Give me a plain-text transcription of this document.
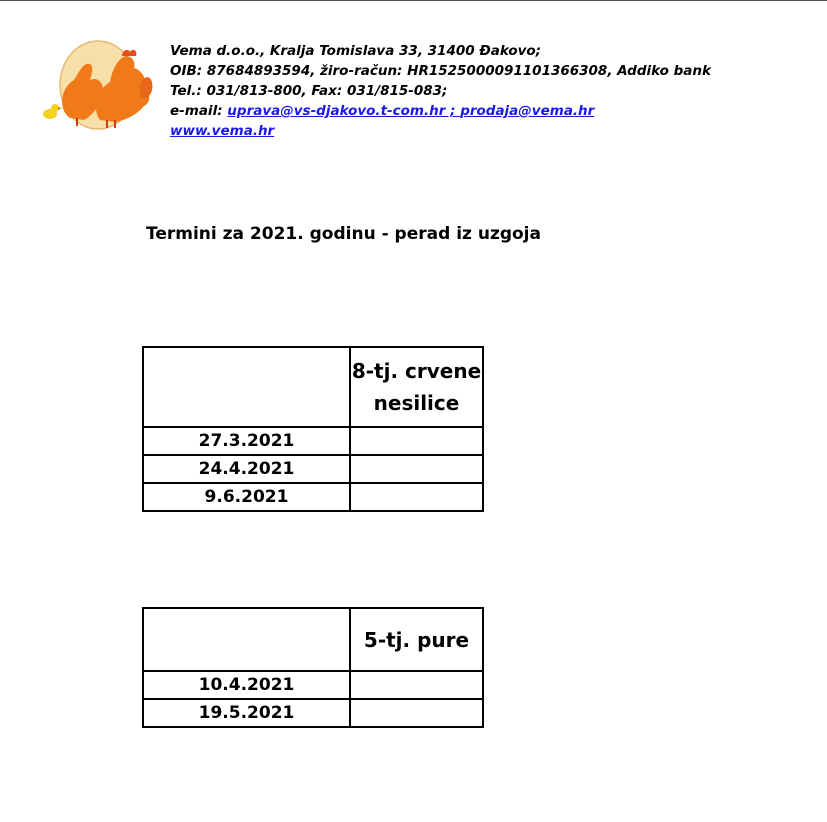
Vema d.o.o., Kralja Tomislava 33, 31400 Đakovo;
OIB: 87684893594, žiro-račun: HR1525000091101366308, Addiko bank
Tel.: 031/813-800, Fax: 031/815-083;
e-mail: uprava@vs-djakovo.t-com.hr ; prodaja@vema.hr
www.vema.hr
Termini za 2021. godinu - perad iz uzgoja
	8-tj. crvene nesilice
27.3.2021	
24.4.2021	
9.6.2021	
	5-tj. pure
10.4.2021	
19.5.2021	
